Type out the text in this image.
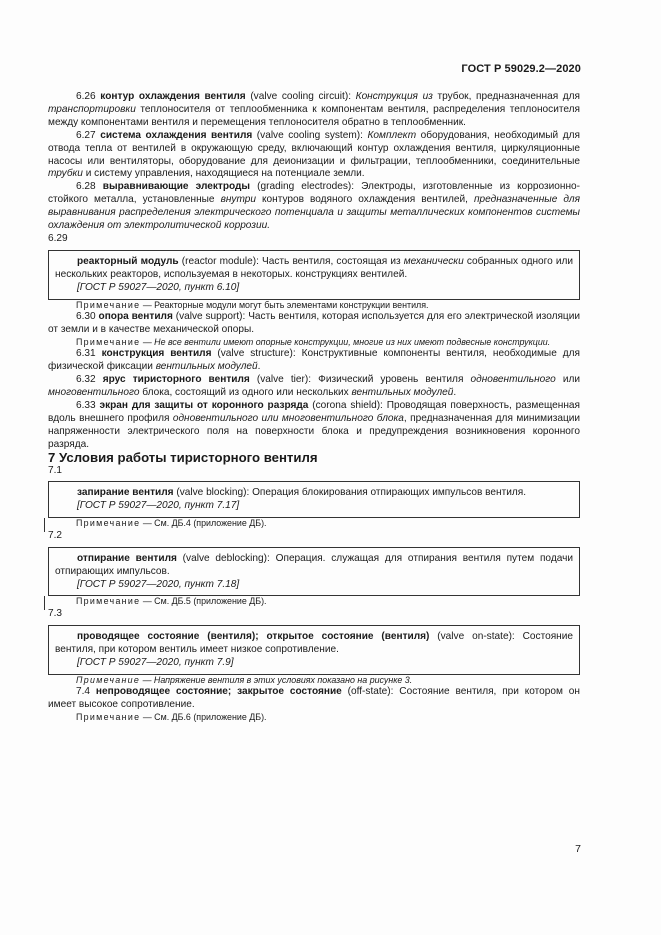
ГОСТ Р 59029.2—2020

6.26 контур охлаждения вентиля (valve cooling circuit): Конструкция из трубок, предназначенная для транспортировки теплоносителя от теплообменника к компонентам вентиля, распределения теплоносителя между компонентами вентиля и перемещения теплоносителя обратно в теплообменник.

6.27 система охлаждения вентиля (valve cooling system): Комплект оборудования, необходимый для отвода тепла от вентилей в окружающую среду, включающий контур охлаждения вентиля, циркуляционные насосы или вентиляторы, оборудование для деионизации и фильтрации, теплообменники, соединительные трубки и систему управления, находящиеся на потенциале земли.

6.28 выравнивающие электроды (grading electrodes): Электроды, изготовленные из коррозионно-стойкого металла, установленные внутри контуров водяного охлаждения вентилей, предназначенные для выравнивания распределения электрического потенциала и защиты металлических компонентов системы охлаждения от электролитической коррозии.

6.29

реакторный модуль (reactor module): Часть вентиля, состоящая из механически собранных одного или нескольких реакторов, используемая в некоторых. конструкциях вентилей.

[ГОСТ Р 59027—2020, пункт 6.10]

Примечание — Реакторные модули могут быть элементами конструкции вентиля.

6.30 опора вентиля (valve support): Часть вентиля, которая используется для его электрической изоляции от земли и в качестве механической опоры.

Примечание — Не все вентили имеют опорные конструкции, многие из них имеют подвесные конструкции.

6.31 конструкция вентиля (valve structure): Конструктивные компоненты вентиля, необходимые для физической фиксации вентильных модулей.

6.32 ярус тиристорного вентиля (valve tier): Физический уровень вентиля одновентильного или многовентильного блока, состоящий из одного или нескольких вентильных модулей.

6.33 экран для защиты от коронного разряда (corona shield): Проводящая поверхность, размещенная вдоль внешнего профиля одновентильного или многовентильного блока, предназначенная для минимизации напряженности электрического поля на поверхности блока и предупреждения возникновения коронного разряда.

7 Условия работы тиристорного вентиля

7.1

запирание вентиля (valve blocking): Операция блокирования отпирающих импульсов вентиля.

[ГОСТ Р 59027—2020, пункт 7.17]

Примечание — См. ДБ.4 (приложение ДБ).

7.2

отпирание вентиля (valve deblocking): Операция. служащая для отпирания вентиля путем подачи отпирающих импульсов.

[ГОСТ Р 59027—2020, пункт 7.18]

Примечание — См. ДБ.5 (приложение ДБ).

7.3

проводящее состояние (вентиля); открытое состояние (вентиля) (valve on-state): Состояние вентиля, при котором вентиль имеет низкое сопротивление.

[ГОСТ Р 59027—2020, пункт 7.9]

Примечание — Напряжение вентиля в этих условиях показано на рисунке 3.

7.4 непроводящее состояние; закрытое состояние (off-state): Состояние вентиля, при котором он имеет высокое сопротивление.

Примечание — См. ДБ.6 (приложение ДБ).

7
